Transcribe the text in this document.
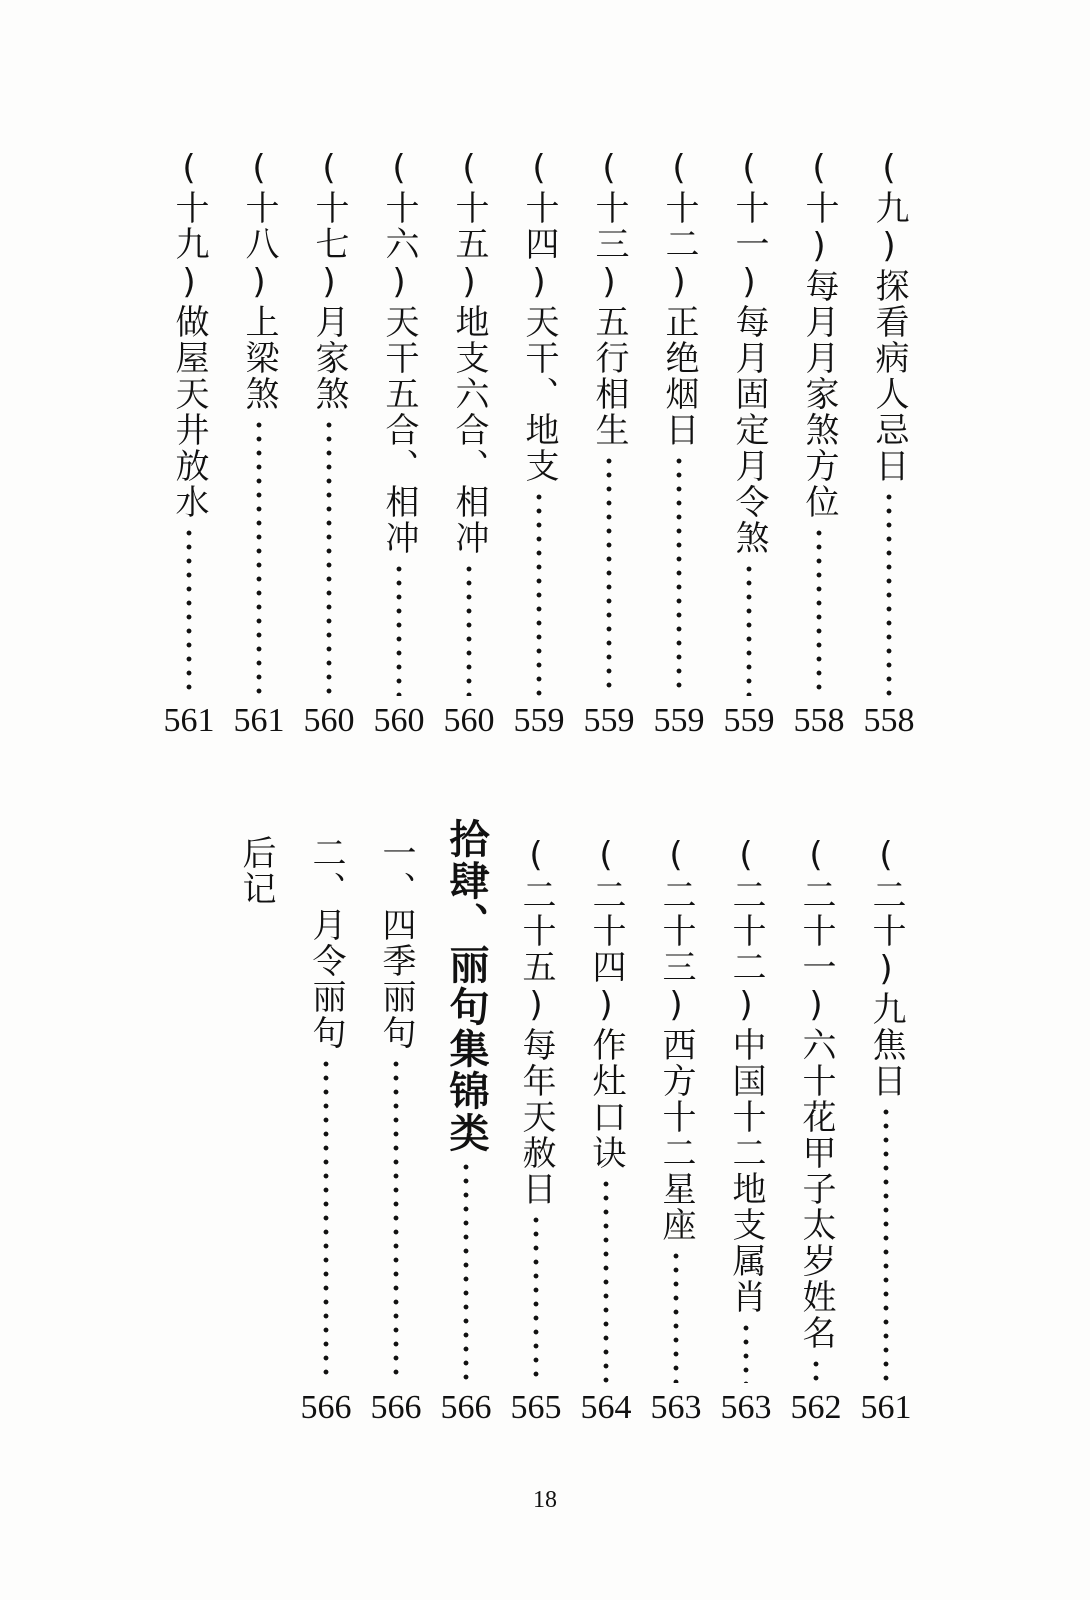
(九)探看病人忌日
558
(十)每月月家煞方位
558
(十一)每月固定月令煞
559
(十二)正绝烟日
559
(十三)五行相生
559
(十四)天干、地支
559
(十五)地支六合、相冲
560
(十六)天干五合、相冲
560
(十七)月家煞
560
(十八)上梁煞
561
(十九)做屋天井放水
561
(二十)九焦日
561
(二十一)六十花甲子太岁姓名
562
(二十二)中国十二地支属肖
563
(二十三)西方十二星座
563
(二十四)作灶口诀
564
(二十五)每年天赦日
565
拾肆、丽句集锦类
566
一、四季丽句
566
二、月令丽句
566
后记
18
